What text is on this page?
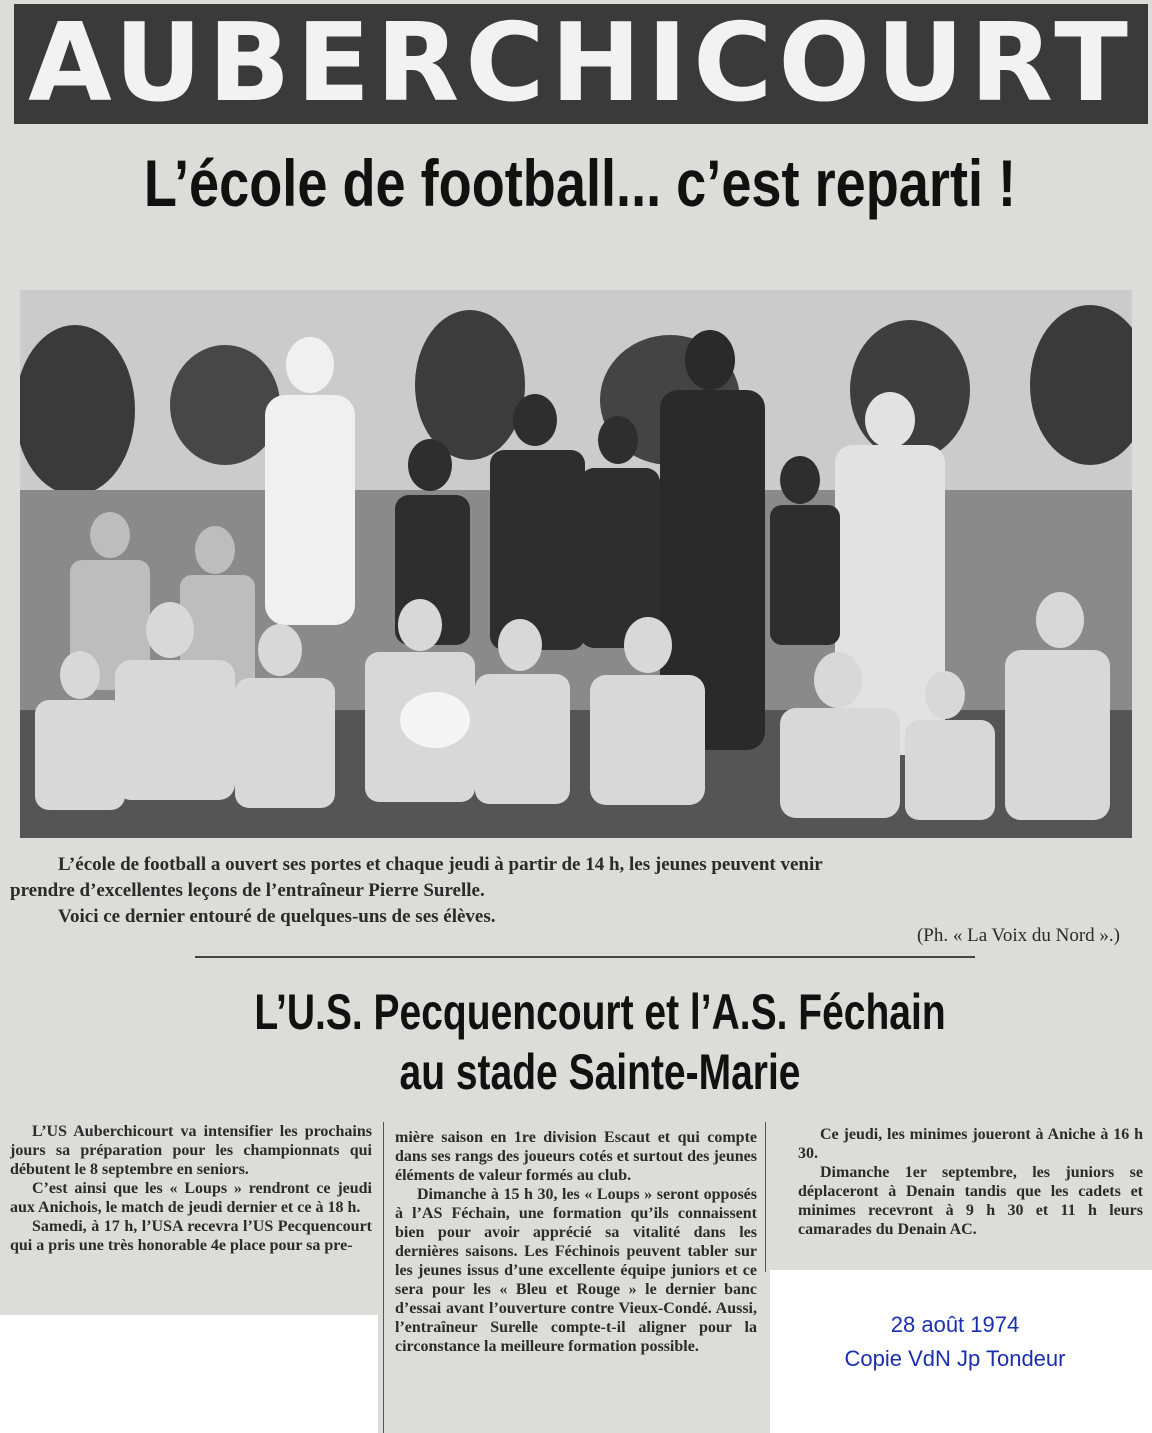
AUBERCHICOURT
L’école de football... c’est reparti !
L’école de football a ouvert ses portes et chaque jeudi à partir de 14 h, les jeunes peuvent venir
prendre d’excellentes leçons de l’entraîneur Pierre Surelle.
Voici ce dernier entouré de quelques-uns de ses élèves.
(Ph. « La Voix du Nord ».)
L’U.S. Pecquencourt et l’A.S. Féchain
au stade Sainte-Marie

L’US Auberchicourt va intensifier les prochains jours sa préparation pour les championnats qui débutent le 8 septembre en seniors.

C’est ainsi que les « Loups » rendront ce jeudi aux Anichois, le match de jeudi dernier et ce à 18 h.

Samedi, à 17 h, l’USA recevra l’US Pecquencourt qui a pris une très honorable 4e place pour sa pre-

mière saison en 1re division Escaut et qui compte dans ses rangs des joueurs cotés et surtout des jeunes éléments de valeur formés au club.

Dimanche à 15 h 30, les « Loups » seront opposés à l’AS Féchain, une formation qu’ils connaissent bien pour avoir apprécié sa vitalité dans les dernières saisons. Les Féchinois peuvent tabler sur les jeunes issus d’une excellente équipe juniors et ce sera pour les « Bleu et Rouge » le dernier banc d’essai avant l’ouverture contre Vieux-Condé. Aussi, l’entraîneur Surelle compte-t-il aligner pour la circonstance la meilleure formation possible.

Ce jeudi, les minimes joueront à Aniche à 16 h 30.

Dimanche 1er septembre, les juniors se déplaceront à Denain tandis que les cadets et minimes recevront à 9 h 30 et 11 h leurs camarades du Denain AC.

28 août 1974
Copie VdN Jp Tondeur
